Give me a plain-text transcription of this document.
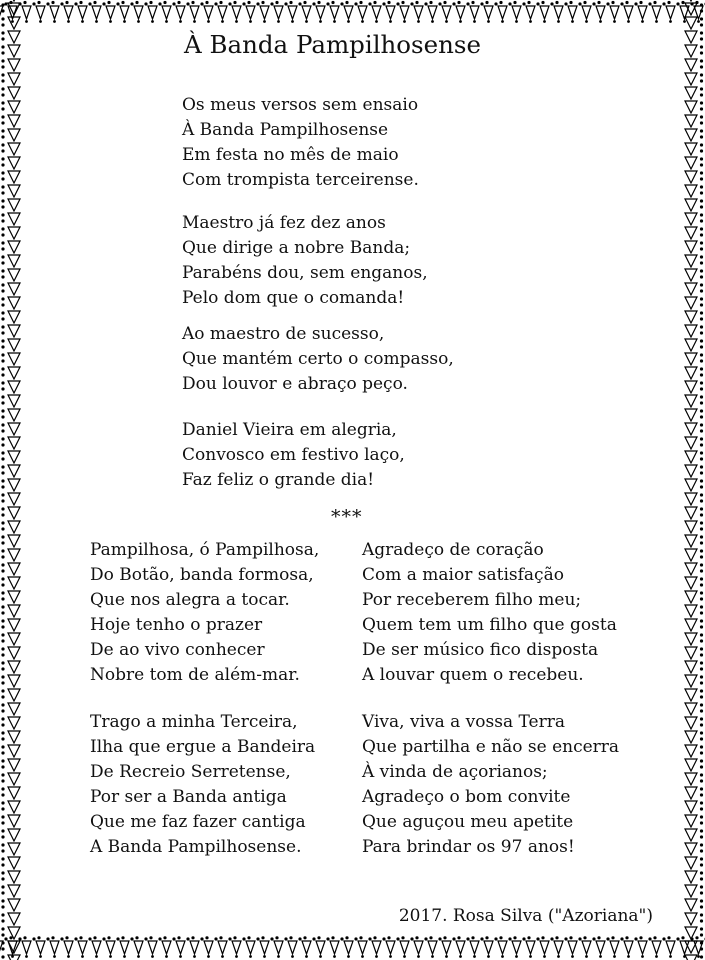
À Banda Pampilhosense
Os meus versos sem ensaio
À Banda Pampilhosense
Em festa no mês de maio
Com trompista terceirense.
Maestro já fez dez anos
Que dirige a nobre Banda;
Parabéns dou, sem enganos,
Pelo dom que o comanda!
Ao maestro de sucesso,
Que mantém certo o compasso,
Dou louvor e abraço peço.
Daniel Vieira em alegria,
Convosco em festivo laço,
Faz feliz o grande dia!
***
Pampilhosa, ó Pampilhosa,
Do Botão, banda formosa,
Que nos alegra a tocar.
Hoje tenho o prazer
De ao vivo conhecer
Nobre tom de além-mar.
Agradeço de coração
Com a maior satisfação
Por receberem filho meu;
Quem tem um filho que gosta
De ser músico fico disposta
A louvar quem o recebeu.
Trago a minha Terceira,
Ilha que ergue a Bandeira
De Recreio Serretense,
Por ser a Banda antiga
Que me faz fazer cantiga
A Banda Pampilhosense.
Viva, viva a vossa Terra
Que partilha e não se encerra
À vinda de açorianos;
Agradeço o bom convite
Que aguçou meu apetite
Para brindar os 97 anos!
2017. Rosa Silva ("Azoriana")
